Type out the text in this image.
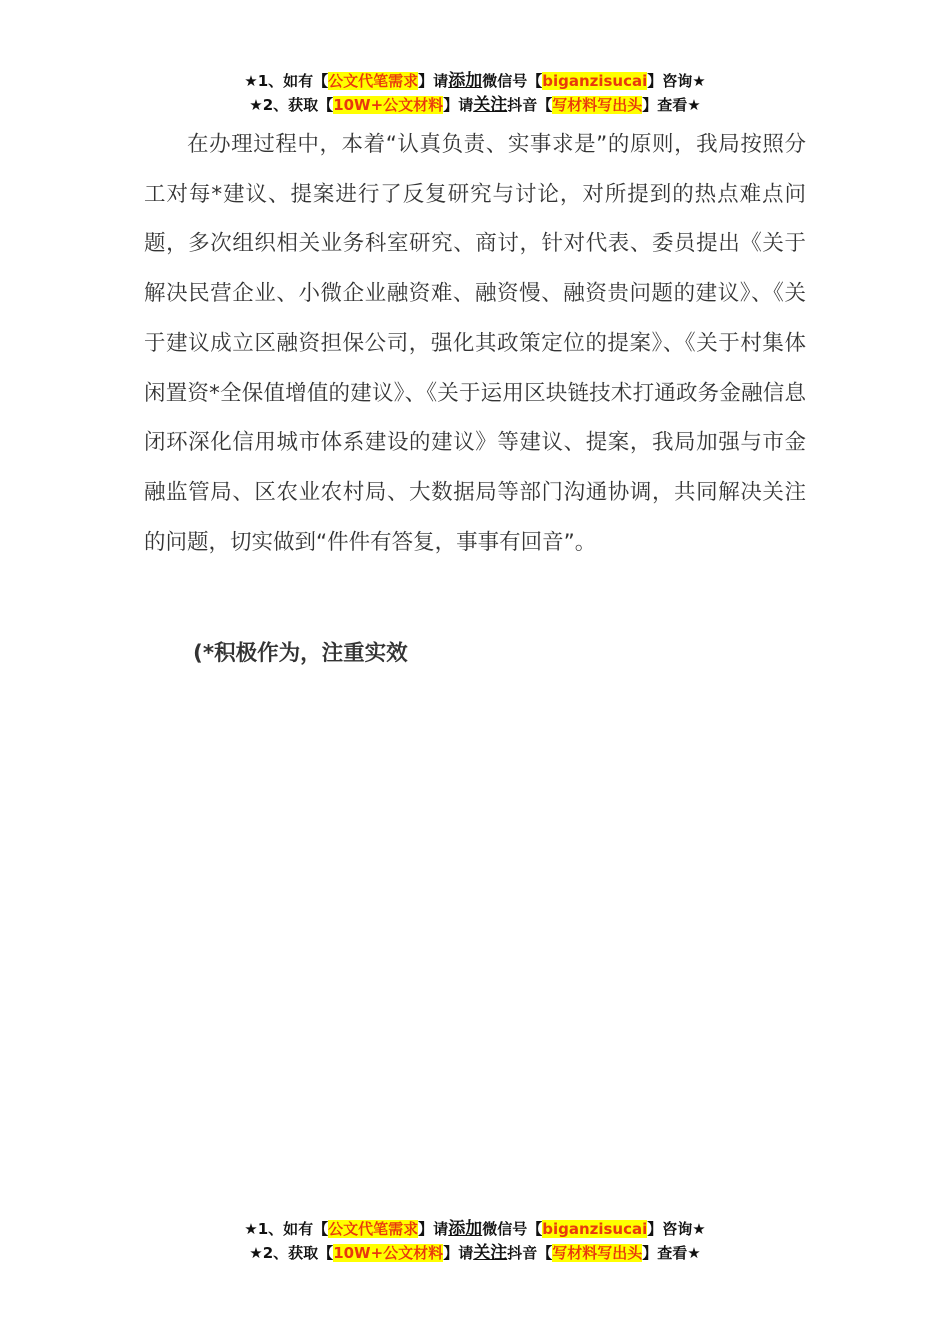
★1、如有【公文代笔需求】请添加微信号【biganzisucai】咨询★
★2、获取【10W+公文材料】请关注抖音【写材料写出头】查看★

在办理过程中，本着“认真负责、实事求是”的原则，我局按照分工对每*建议、提案进行了反复研究与讨论，对所提到的热点难点问题，多次组织相关业务科室研究、商讨，针对代表、委员提出《关于解决民营企业、小微企业融资难、融资慢、融资贵问题的建议》、《关于建议成立区融资担保公司，强化其政策定位的提案》、《关于村集体闲置资*全保值增值的建议》、《关于运用区块链技术打通政务金融信息闭环深化信用城市体系建设的建议》等建议、提案，我局加强与市金融监管局、区农业农村局、大数据局等部门沟通协调，共同解决关注的问题，切实做到“件件有答复，事事有回音”。

(*积极作为，注重实效

★1、如有【公文代笔需求】请添加微信号【biganzisucai】咨询★
★2、获取【10W+公文材料】请关注抖音【写材料写出头】查看★
